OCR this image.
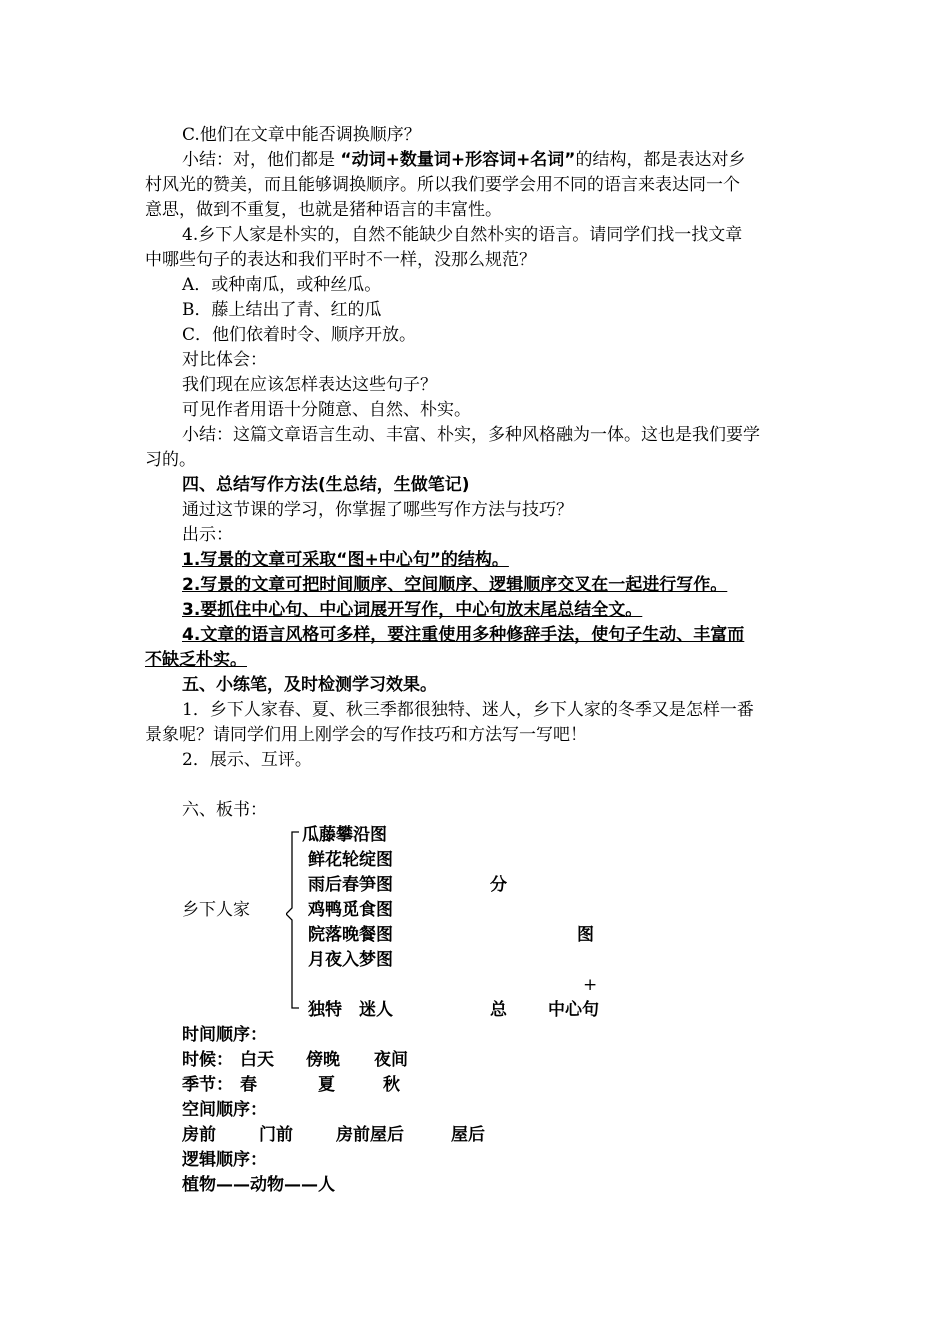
C.他们在文章中能否调换顺序？

小结：对，他们都是 “动词+数量词+形容词+名词”的结构，都是表达对乡

村风光的赞美，而且能够调换顺序。所以我们要学会用不同的语言来表达同一个

意思，做到不重复，也就是猪种语言的丰富性。

4.乡下人家是朴实的，自然不能缺少自然朴实的语言。请同学们找一找文章

中哪些句子的表达和我们平时不一样，没那么规范？

A．或种南瓜，或种丝瓜。

B．藤上结出了青、红的瓜

C．他们依着时令、顺序开放。

对比体会：

我们现在应该怎样表达这些句子？

可见作者用语十分随意、自然、朴实。

小结：这篇文章语言生动、丰富、朴实，多种风格融为一体。这也是我们要学

习的。

四、总结写作方法(生总结，生做笔记)

通过这节课的学习，你掌握了哪些写作方法与技巧？

出示：

1.写景的文章可采取“图+中心句”的结构。

2.写景的文章可把时间顺序、空间顺序、逻辑顺序交叉在一起进行写作。

3.要抓住中心句、中心词展开写作，中心句放末尾总结全文。

4.文章的语言风格可多样，要注重使用多种修辞手法，使句子生动、丰富而

不缺乏朴实。

五、小练笔，及时检测学习效果。

1．乡下人家春、夏、秋三季都很独特、迷人，乡下人家的冬季又是怎样一番

景象呢？请同学们用上刚学会的写作技巧和方法写一写吧！

2．展示、互评。

六、板书：

乡下人家
瓜藤攀沿图
鲜花轮绽图
雨后春笋图
鸡鸭觅食图
院落晚餐图
月夜入梦图
分
图
+
独特　迷人	总 中心句
时间顺序：
时候： 白天 傍晚 夜间
季节： 春	夏	秋
空间顺序：
房前	门前	房前屋后	屋后
逻辑顺序：
植物——动物——人
